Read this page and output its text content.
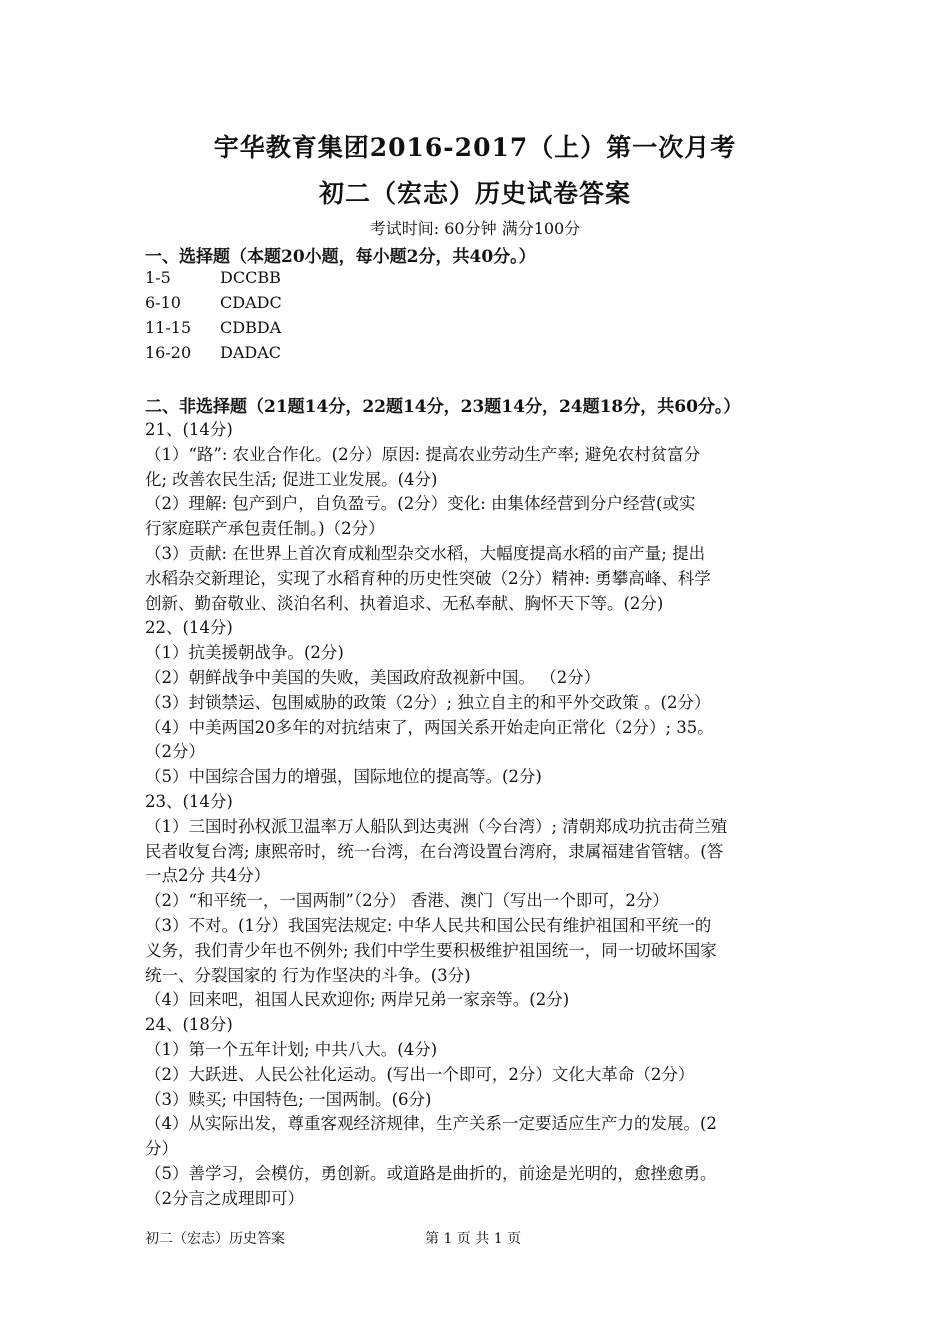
宇华教育集团2016-2017（上）第一次月考
初二（宏志）历史试卷答案
考试时间: 60分钟 满分100分
一、选择题（本题20小题，每小题2分，共40分。）
1-5	DCCBB
6-10 CDADC
11-15 CDBDA
16-20 DADAC
二、非选择题（21题14分，22题14分，23题14分，24题18分，共60分。）
21、(14分)
（1）“路”: 农业合作化。(2分）原因: 提高农业劳动生产率; 避免农村贫富分
化; 改善农民生活; 促进工业发展。(4分)
（2）理解: 包产到户，自负盈亏。(2分）变化: 由集体经营到分户经营(或实
行家庭联产承包责任制。)（2分）
（3）贡献: 在世界上首次育成籼型杂交水稻，大幅度提高水稻的亩产量; 提出
水稻杂交新理论，实现了水稻育种的历史性突破（2分）精神: 勇攀高峰、科学
创新、勤奋敬业、淡泊名利、执着追求、无私奉献、胸怀天下等。(2分)
22、(14分)
（1）抗美援朝战争。(2分)
（2）朝鲜战争中美国的失败，美国政府敌视新中国。 （2分）
（3）封锁禁运、包围威胁的政策（2分）; 独立自主的和平外交政策 。(2分）
（4）中美两国20多年的对抗结束了，两国关系开始走向正常化（2分）; 35。
（2分）
（5）中国综合国力的增强，国际地位的提高等。(2分)
23、(14分)
（1）三国时孙权派卫温率万人船队到达夷洲（今台湾）; 清朝郑成功抗击荷兰殖
民者收复台湾; 康熙帝时，统一台湾，在台湾设置台湾府，隶属福建省管辖。(答
一点2分 共4分）
（2）“和平统一，一国两制”（2分） 香港、澳门（写出一个即可，2分）
（3）不对。(1分）我国宪法规定: 中华人民共和国公民有维护祖国和平统一的
义务，我们青少年也不例外; 我们中学生要积极维护祖国统一，同一切破坏国家
统一、分裂国家的 行为作坚决的斗争。(3分)
（4）回来吧，祖国人民欢迎你; 两岸兄弟一家亲等。(2分)
24、(18分)
（1）第一个五年计划; 中共八大。(4分)
（2）大跃进、人民公社化运动。(写出一个即可，2分）文化大革命（2分）
（3）赎买; 中国特色; 一国两制。(6分)
（4）从实际出发，尊重客观经济规律，生产关系一定要适应生产力的发展。(2
分）
（5）善学习，会模仿，勇创新。或道路是曲折的，前途是光明的，愈挫愈勇。
（2分言之成理即可）
初二（宏志）历史答案	第 1 页 共 1 页
